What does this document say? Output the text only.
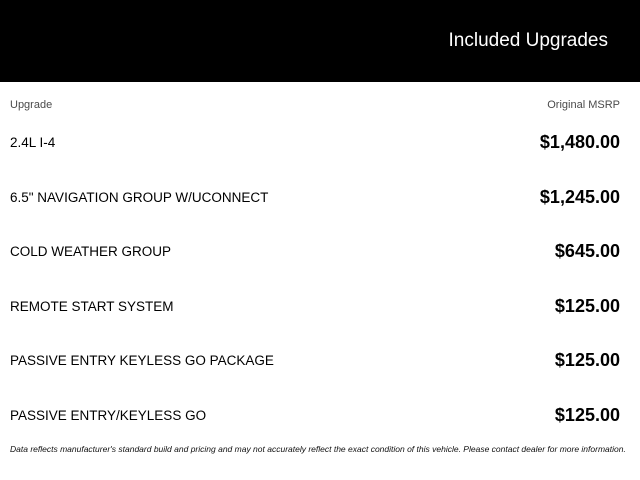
Included Upgrades
Upgrade	Original MSRP
2.4L I-4	$1,480.00
6.5" NAVIGATION GROUP W/UCONNECT	$1,245.00
COLD WEATHER GROUP	$645.00
REMOTE START SYSTEM	$125.00
PASSIVE ENTRY KEYLESS GO PACKAGE	$125.00
PASSIVE ENTRY/KEYLESS GO	$125.00
Data reflects manufacturer's standard build and pricing and may not accurately reflect the exact condition of this vehicle. Please contact dealer for more information.
